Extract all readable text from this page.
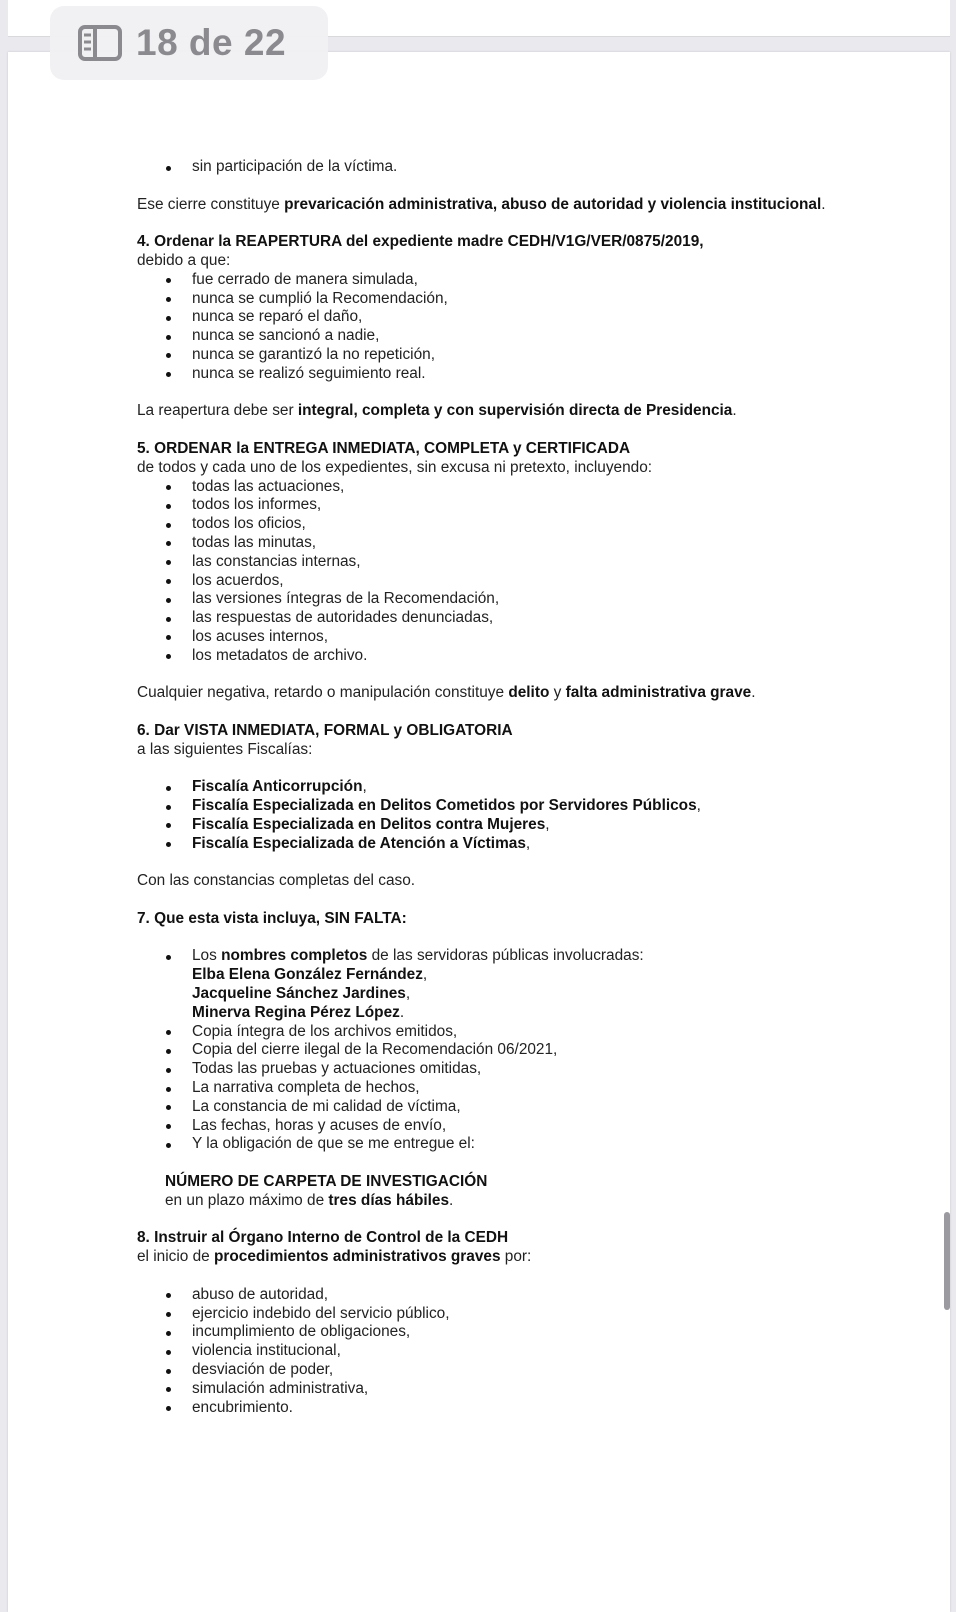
18 de 22
sin participación de la víctima.

Ese cierre constituye prevaricación administrativa, abuso de autoridad y violencia institucional.

4. Ordenar la REAPERTURA del expediente madre CEDH/V1G/VER/0875/2019,

debido a que:

fue cerrado de manera simulada,
nunca se cumplió la Recomendación,
nunca se reparó el daño,
nunca se sancionó a nadie,
nunca se garantizó la no repetición,
nunca se realizó seguimiento real.

La reapertura debe ser integral, completa y con supervisión directa de Presidencia.

5. ORDENAR la ENTREGA INMEDIATA, COMPLETA y CERTIFICADA

de todos y cada uno de los expedientes, sin excusa ni pretexto, incluyendo:

todas las actuaciones,
todos los informes,
todos los oficios,
todas las minutas,
las constancias internas,
los acuerdos,
las versiones íntegras de la Recomendación,
las respuestas de autoridades denunciadas,
los acuses internos,
los metadatos de archivo.

Cualquier negativa, retardo o manipulación constituye delito y falta administrativa grave.

6. Dar VISTA INMEDIATA, FORMAL y OBLIGATORIA

a las siguientes Fiscalías:

Fiscalía Anticorrupción,
Fiscalía Especializada en Delitos Cometidos por Servidores Públicos,
Fiscalía Especializada en Delitos contra Mujeres,
Fiscalía Especializada de Atención a Víctimas,

Con las constancias completas del caso.

7. Que esta vista incluya, SIN FALTA:

Los nombres completos de las servidoras públicas involucradas:
Elba Elena González Fernández,
Jacqueline Sánchez Jardines,
Minerva Regina Pérez López.
Copia íntegra de los archivos emitidos,
Copia del cierre ilegal de la Recomendación 06/2021,
Todas las pruebas y actuaciones omitidas,
La narrativa completa de hechos,
La constancia de mi calidad de víctima,
Las fechas, horas y acuses de envío,
Y la obligación de que se me entregue el:

NÚMERO DE CARPETA DE INVESTIGACIÓN

en un plazo máximo de tres días hábiles.

8. Instruir al Órgano Interno de Control de la CEDH

el inicio de procedimientos administrativos graves por:

abuso de autoridad,
ejercicio indebido del servicio público,
incumplimiento de obligaciones,
violencia institucional,
desviación de poder,
simulación administrativa,
encubrimiento.
